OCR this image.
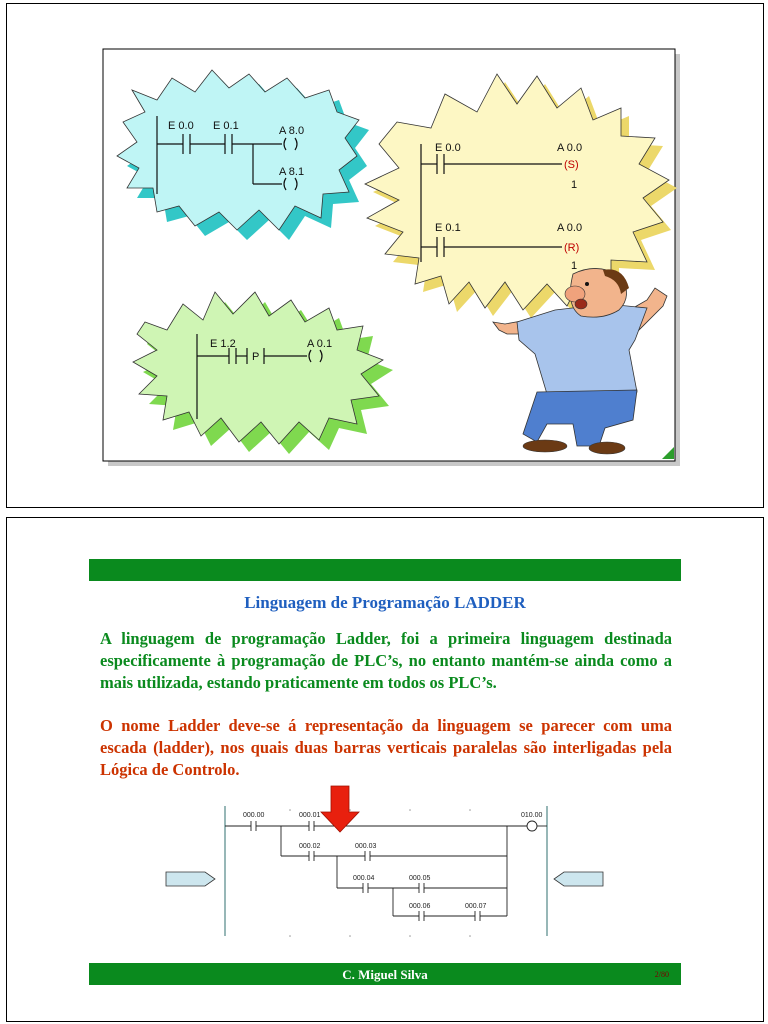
E 0.0 E 0.1	A 8.0
A 8.1
E 1.2
P
A 0.1
E 0.0	A 0.0
(S)
1
E 0.1	A 0.0
(R)
1
Linguagem de Programação LADDER
A linguagem de programação Ladder, foi a primeira linguagem destinada especificamente à programação de PLC’s, no entanto mantém-se ainda como a mais utilizada, estando praticamente em todos os PLC’s.
O nome Ladder deve-se á representação da linguagem se parecer com uma escada (ladder), nos quais duas barras verticais paralelas são interligadas pela Lógica de Controlo.
000.00	000.01	010.00
000.02	000.03
000.04	000.05
000.06	000.07
C. Miguel Silva	2/80
